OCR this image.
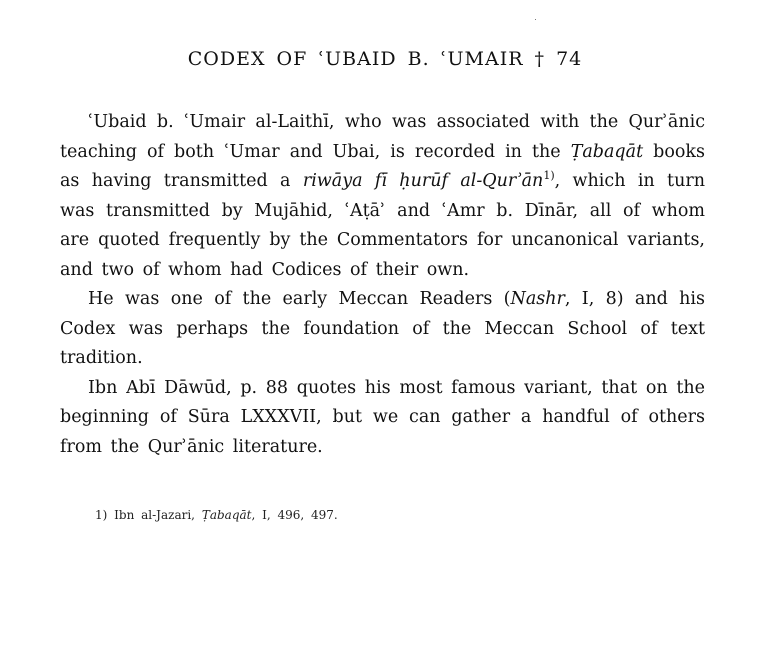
CODEX OF ʿUBAID B. ʿUMAIR † 74

ʿUbaid b. ʿUmair al-Laithī, who was associated with the Qurʾānic teaching of both ʿUmar and Ubai, is recorded in the Ṭabaqāt books as having transmitted a riwāya fī ḥurūf al-Qurʾān$^{1)}$, which in turn was transmitted by Mujāhid, ʿAṭāʾ and ʿAmr b. Dīnār, all of whom are quoted frequently by the Commentators for uncanonical variants, and two of whom had Codices of their own.

He was one of the early Meccan Readers (Nashr, I, 8) and his Codex was perhaps the foundation of the Meccan School of text tradition.

Ibn Abī Dāwūd, p. 88 quotes his most famous variant, that on the beginning of Sūra LXXXVII, but we can gather a handful of others from the Qurʾānic literature.

1) Ibn al-Jazari, Ṭabaqāt, I, 496, 497.
